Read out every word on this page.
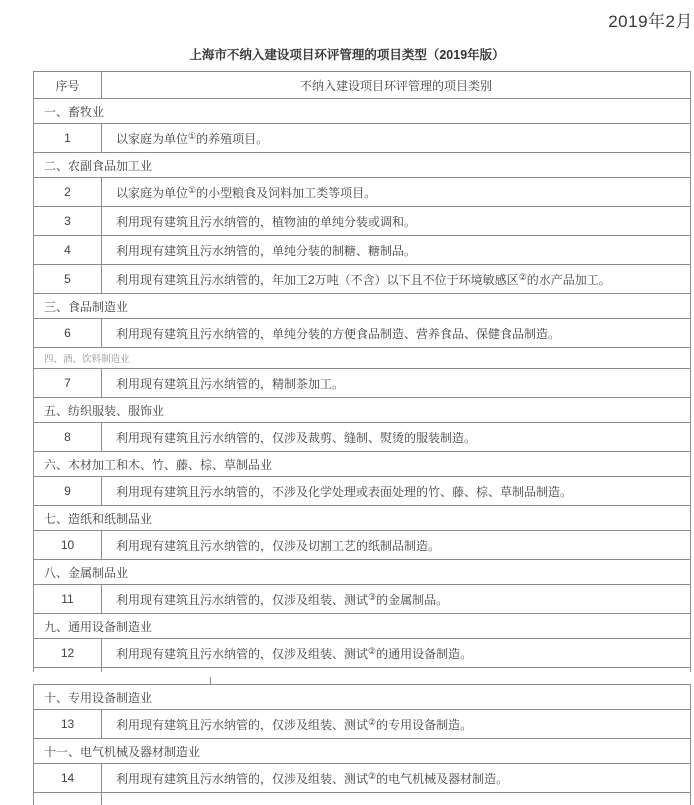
2019年2月
上海市不纳入建设项目环评管理的项目类型（2019年版）
序号	不纳入建设项目环评管理的项目类别
一、畜牧业	
1	以家庭为单位①的养殖项目。
二、农副食品加工业	
2	以家庭为单位①的小型粮食及饲料加工类等项目。
3	利用现有建筑且污水纳管的，植物油的单纯分装或调和。
4	利用现有建筑且污水纳管的，单纯分装的制糖、糖制品。
5	利用现有建筑且污水纳管的，年加工2万吨（不含）以下且不位于环境敏感区②的水产品加工。
三、食品制造业	
6	利用现有建筑且污水纳管的，单纯分装的方便食品制造、营养食品、保健食品制造。
四、酒、饮料制造业	
7	利用现有建筑且污水纳管的，精制茶加工。
五、纺织服装、服饰业	
8	利用现有建筑且污水纳管的，仅涉及裁剪、缝制、熨烫的服装制造。
六、木材加工和木、竹、藤、棕、草制品业	
9	利用现有建筑且污水纳管的，不涉及化学处理或表面处理的竹、藤、棕、草制品制造。
七、造纸和纸制品业	
10	利用现有建筑且污水纳管的，仅涉及切割工艺的纸制品制造。
八、金属制品业	
11	利用现有建筑且污水纳管的，仅涉及组装、测试③的金属制品。
九、通用设备制造业	
12	利用现有建筑且污水纳管的，仅涉及组装、测试②的通用设备制造。

十、专用设备制造业	
13	利用现有建筑且污水纳管的，仅涉及组装、测试②的专用设备制造。
十一、电气机械及器材制造业	
14	利用现有建筑且污水纳管的，仅涉及组装、测试②的电气机械及器材制造。
